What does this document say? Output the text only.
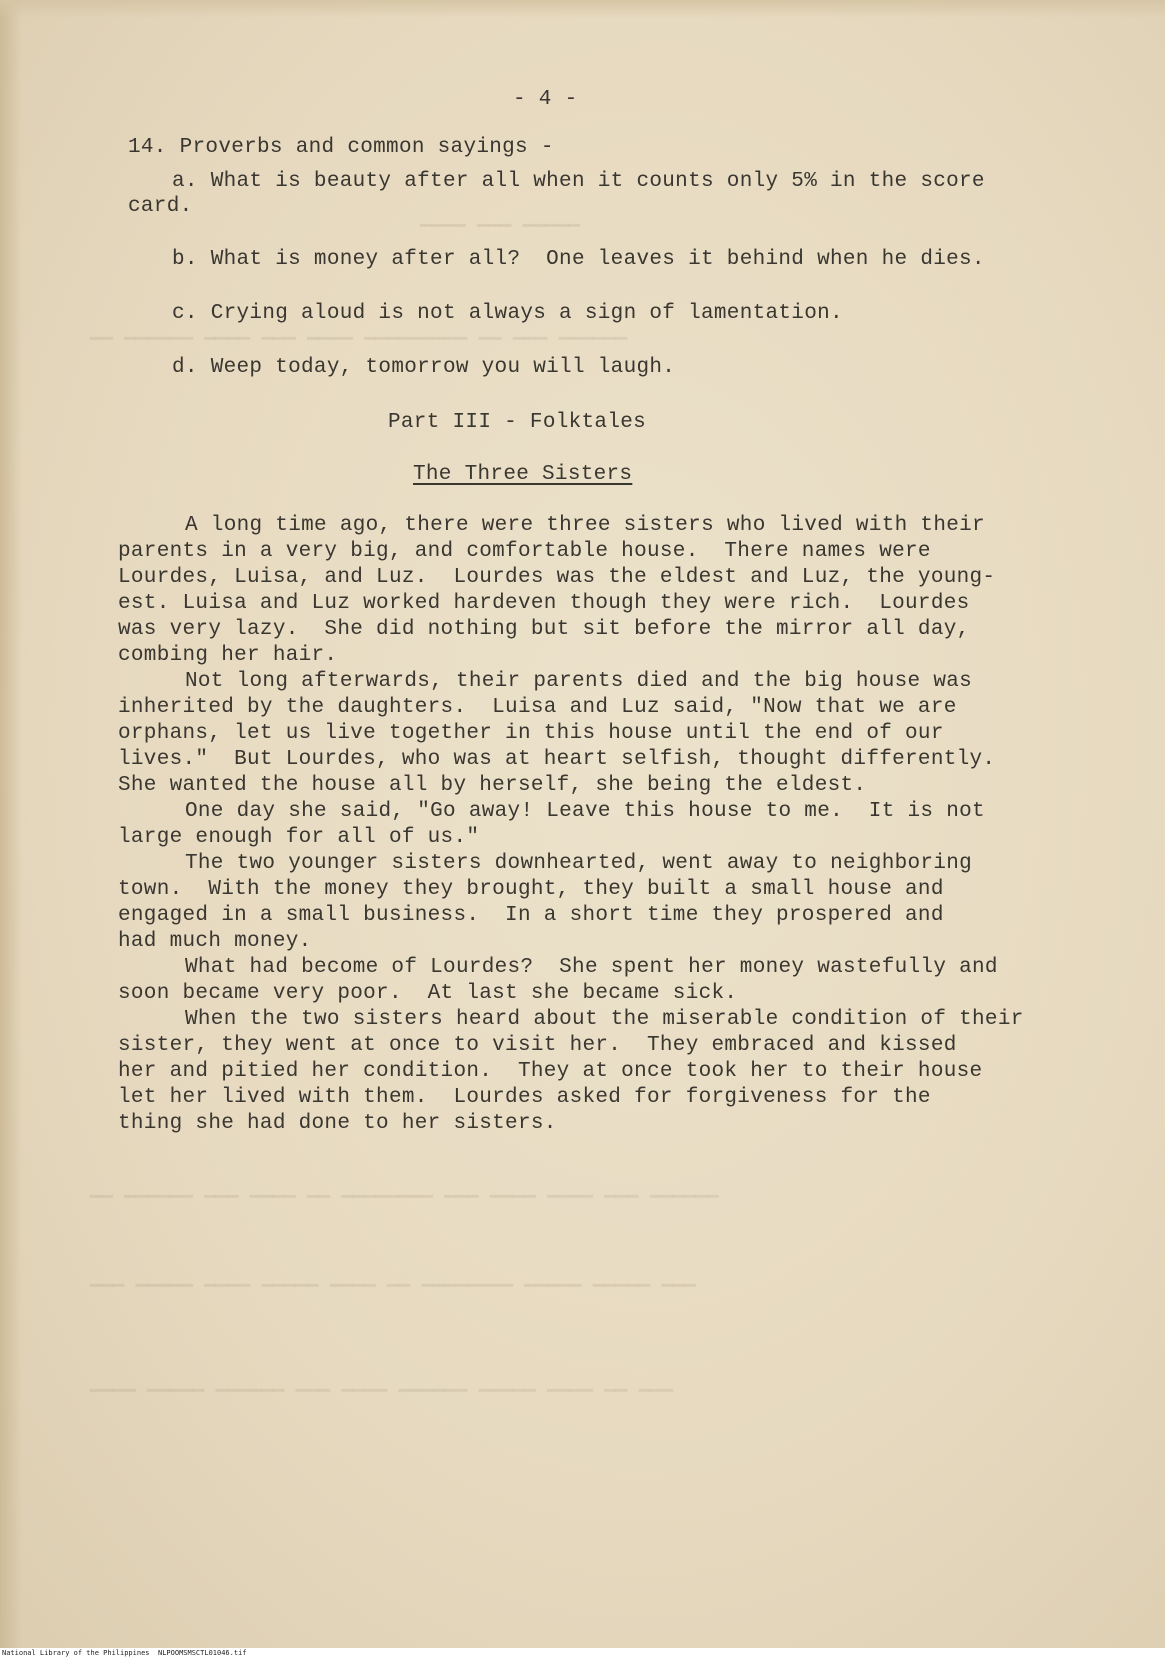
▁▁▁▁ ▁▁▁ ▁▁▁▁▁
▁▁ ▁▁▁▁▁▁ ▁▁▁▁ ▁▁▁ ▁▁▁▁ ▁▁▁▁▁▁▁▁▁ ▁▁ ▁▁▁ ▁▁▁▁▁▁
▁▁ ▁▁▁▁▁▁ ▁▁▁ ▁▁▁▁ ▁▁ ▁▁▁▁▁▁▁▁ ▁▁▁ ▁▁▁▁ ▁▁▁▁ ▁▁▁ ▁▁▁▁▁▁
▁▁▁ ▁▁▁▁▁ ▁▁▁▁ ▁▁▁▁▁ ▁▁▁▁ ▁▁ ▁▁▁▁▁▁▁▁ ▁▁▁▁▁ ▁▁▁▁▁ ▁▁▁
▁▁▁▁ ▁▁▁▁▁ ▁▁▁▁▁▁ ▁▁▁ ▁▁▁▁ ▁▁▁▁▁▁ ▁▁▁▁▁ ▁▁▁▁ ▁▁ ▁▁▁
- 4 -
14. Proverbs and common sayings -
a. What is beauty after all when it counts only 5% in the score
card.
b. What is money after all?  One leaves it behind when he dies.
c. Crying aloud is not always a sign of lamentation.
d. Weep today, tomorrow you will laugh.
Part III - Folktales
The Three Sisters
A long time ago, there were three sisters who lived with their
parents in a very big, and comfortable house.  There names were
Lourdes, Luisa, and Luz.  Lourdes was the eldest and Luz, the young-
est. Luisa and Luz worked hardeven though they were rich.  Lourdes
was very lazy.  She did nothing but sit before the mirror all day,
combing her hair.
Not long afterwards, their parents died and the big house was
inherited by the daughters.  Luisa and Luz said, "Now that we are
orphans, let us live together in this house until the end of our
lives."  But Lourdes, who was at heart selfish, thought differently.
She wanted the house all by herself, she being the eldest.
One day she said, "Go away! Leave this house to me.  It is not
large enough for all of us."
The two younger sisters downhearted, went away to neighboring
town.  With the money they brought, they built a small house and
engaged in a small business.  In a short time they prospered and
had much money.
What had become of Lourdes?  She spent her money wastefully and
soon became very poor.  At last she became sick.
When the two sisters heard about the miserable condition of their
sister, they went at once to visit her.  They embraced and kissed
her and pitied her condition.  They at once took her to their house
let her lived with them.  Lourdes asked for forgiveness for the
thing she had done to her sisters.
National Library of the Philippines NLPOOMSMSCTL01046.tif
